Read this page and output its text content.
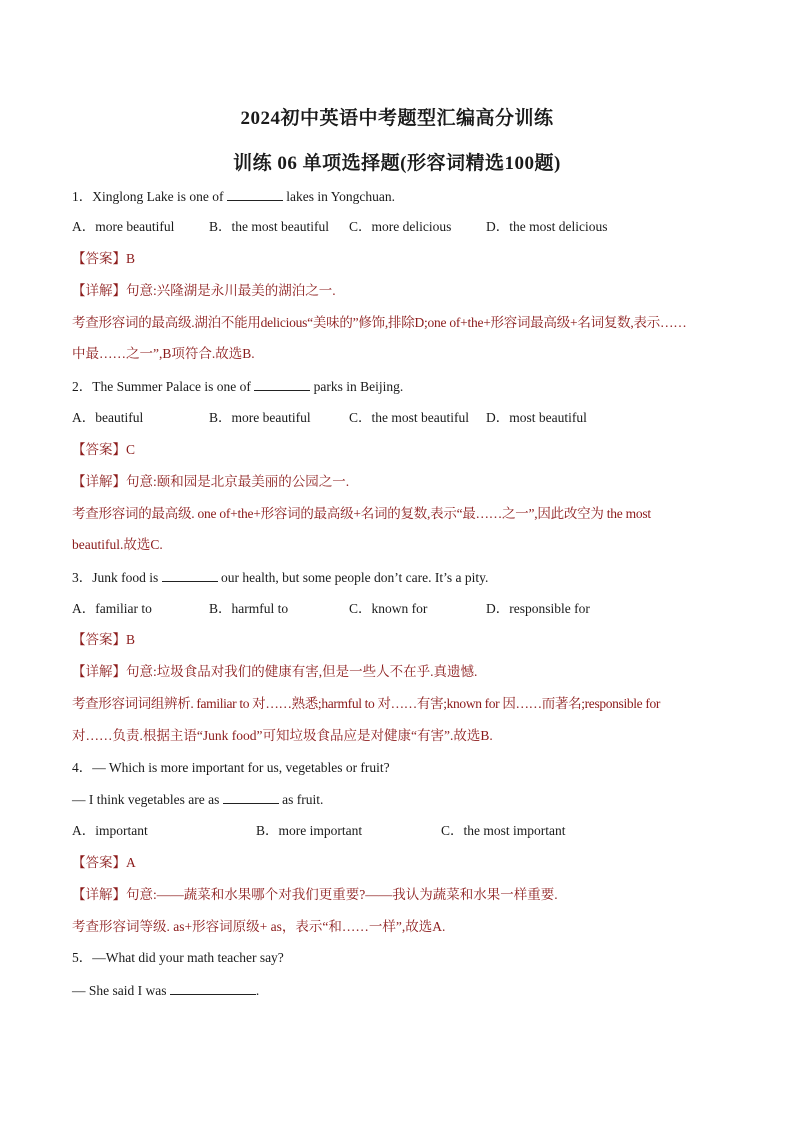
2024初中英语中考题型汇编高分训练
训练 06 单项选择题(形容词精选100题)
1．Xinglong Lake is one of	lakes in Yongchuan.
A．more beautiful	B．the most beautiful C．more delicious	D．the most delicious
【答案】B
【详解】句意:兴隆湖是永川最美的湖泊之一.
考查形容词的最高级.湖泊不能用delicious“美味的”修饰,排除D;one of+the+形容词最高级+名词复数,表示……
中最……之一”,B项符合.故选B.
2．The Summer Palace is one of	parks in Beijing.
A．beautiful	B．more beautiful	C．the most beautiful D．most beautiful
【答案】C
【详解】句意:颐和园是北京最美丽的公园之一.
考查形容词的最高级. one of+the+形容词的最高级+名词的复数,表示“最……之一”,因此改空为 the most
beautiful.故选C.
3．Junk food is	our health, but some people don’t care. It’s a pity.
A．familiar to	B．harmful to	C．known for	D．responsible for
【答案】B
【详解】句意:垃圾食品对我们的健康有害,但是一些人不在乎.真遗憾.
考查形容词词组辨析. familiar to 对……熟悉;harmful to 对……有害;known for 因……而著名;responsible for
对……负责.根据主语“Junk food”可知垃圾食品应是对健康“有害”.故选B.
4．— Which is more important for us, vegetables or fruit?
— I think vegetables are as	as fruit.
A．important	B．more important	C．the most important
【答案】A
【详解】句意:——蔬菜和水果哪个对我们更重要?——我认为蔬菜和水果一样重要.
考查形容词等级. as+形容词原级+ as，表示“和……一样”,故选A.
5．—What did your math teacher say?
— She said I was	.
